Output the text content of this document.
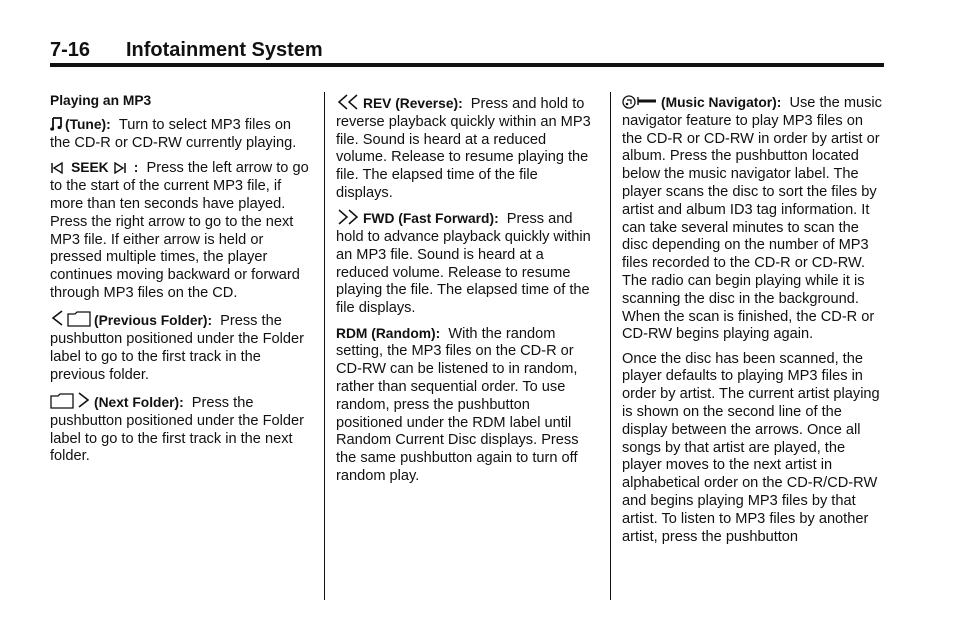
7-16 Infotainment System

Playing an MP3

(Tune): Turn to select MP3 files on the CD-R or CD-RW currently playing.

SEEK : Press the left arrow to go to the start of the current MP3 file, if more than ten seconds have played. Press the right arrow to go to the next MP3 file. If either arrow is held or pressed multiple times, the player continues moving backward or forward through MP3 files on the CD.

(Previous Folder): Press the pushbutton positioned under the Folder label to go to the first track in the previous folder.

(Next Folder): Press the pushbutton positioned under the Folder label to go to the first track in the next folder.

REV (Reverse): Press and hold to reverse playback quickly within an MP3 file. Sound is heard at a reduced volume. Release to resume playing the file. The elapsed time of the file displays.

FWD (Fast Forward): Press and hold to advance playback quickly within an MP3 file. Sound is heard at a reduced volume. Release to resume playing the file. The elapsed time of the file displays.

RDM (Random): With the random setting, the MP3 files on the CD-R or CD-RW can be listened to in random, rather than sequential order. To use random, press the pushbutton positioned under the RDM label until Random Current Disc displays. Press the same pushbutton again to turn off random play.

(Music Navigator): Use the music navigator feature to play MP3 files on the CD-R or CD-RW in order by artist or album. Press the pushbutton located below the music navigator label. The player scans the disc to sort the files by artist and album ID3 tag information. It can take several minutes to scan the disc depending on the number of MP3 files recorded to the CD-R or CD-RW. The radio can begin playing while it is scanning the disc in the background. When the scan is finished, the CD-R or CD-RW begins playing again.

Once the disc has been scanned, the player defaults to playing MP3 files in order by artist. The current artist playing is shown on the second line of the display between the arrows. Once all songs by that artist are played, the player moves to the next artist in alphabetical order on the CD-R/CD-RW and begins playing MP3 files by that artist. To listen to MP3 files by another artist, press the pushbutton
